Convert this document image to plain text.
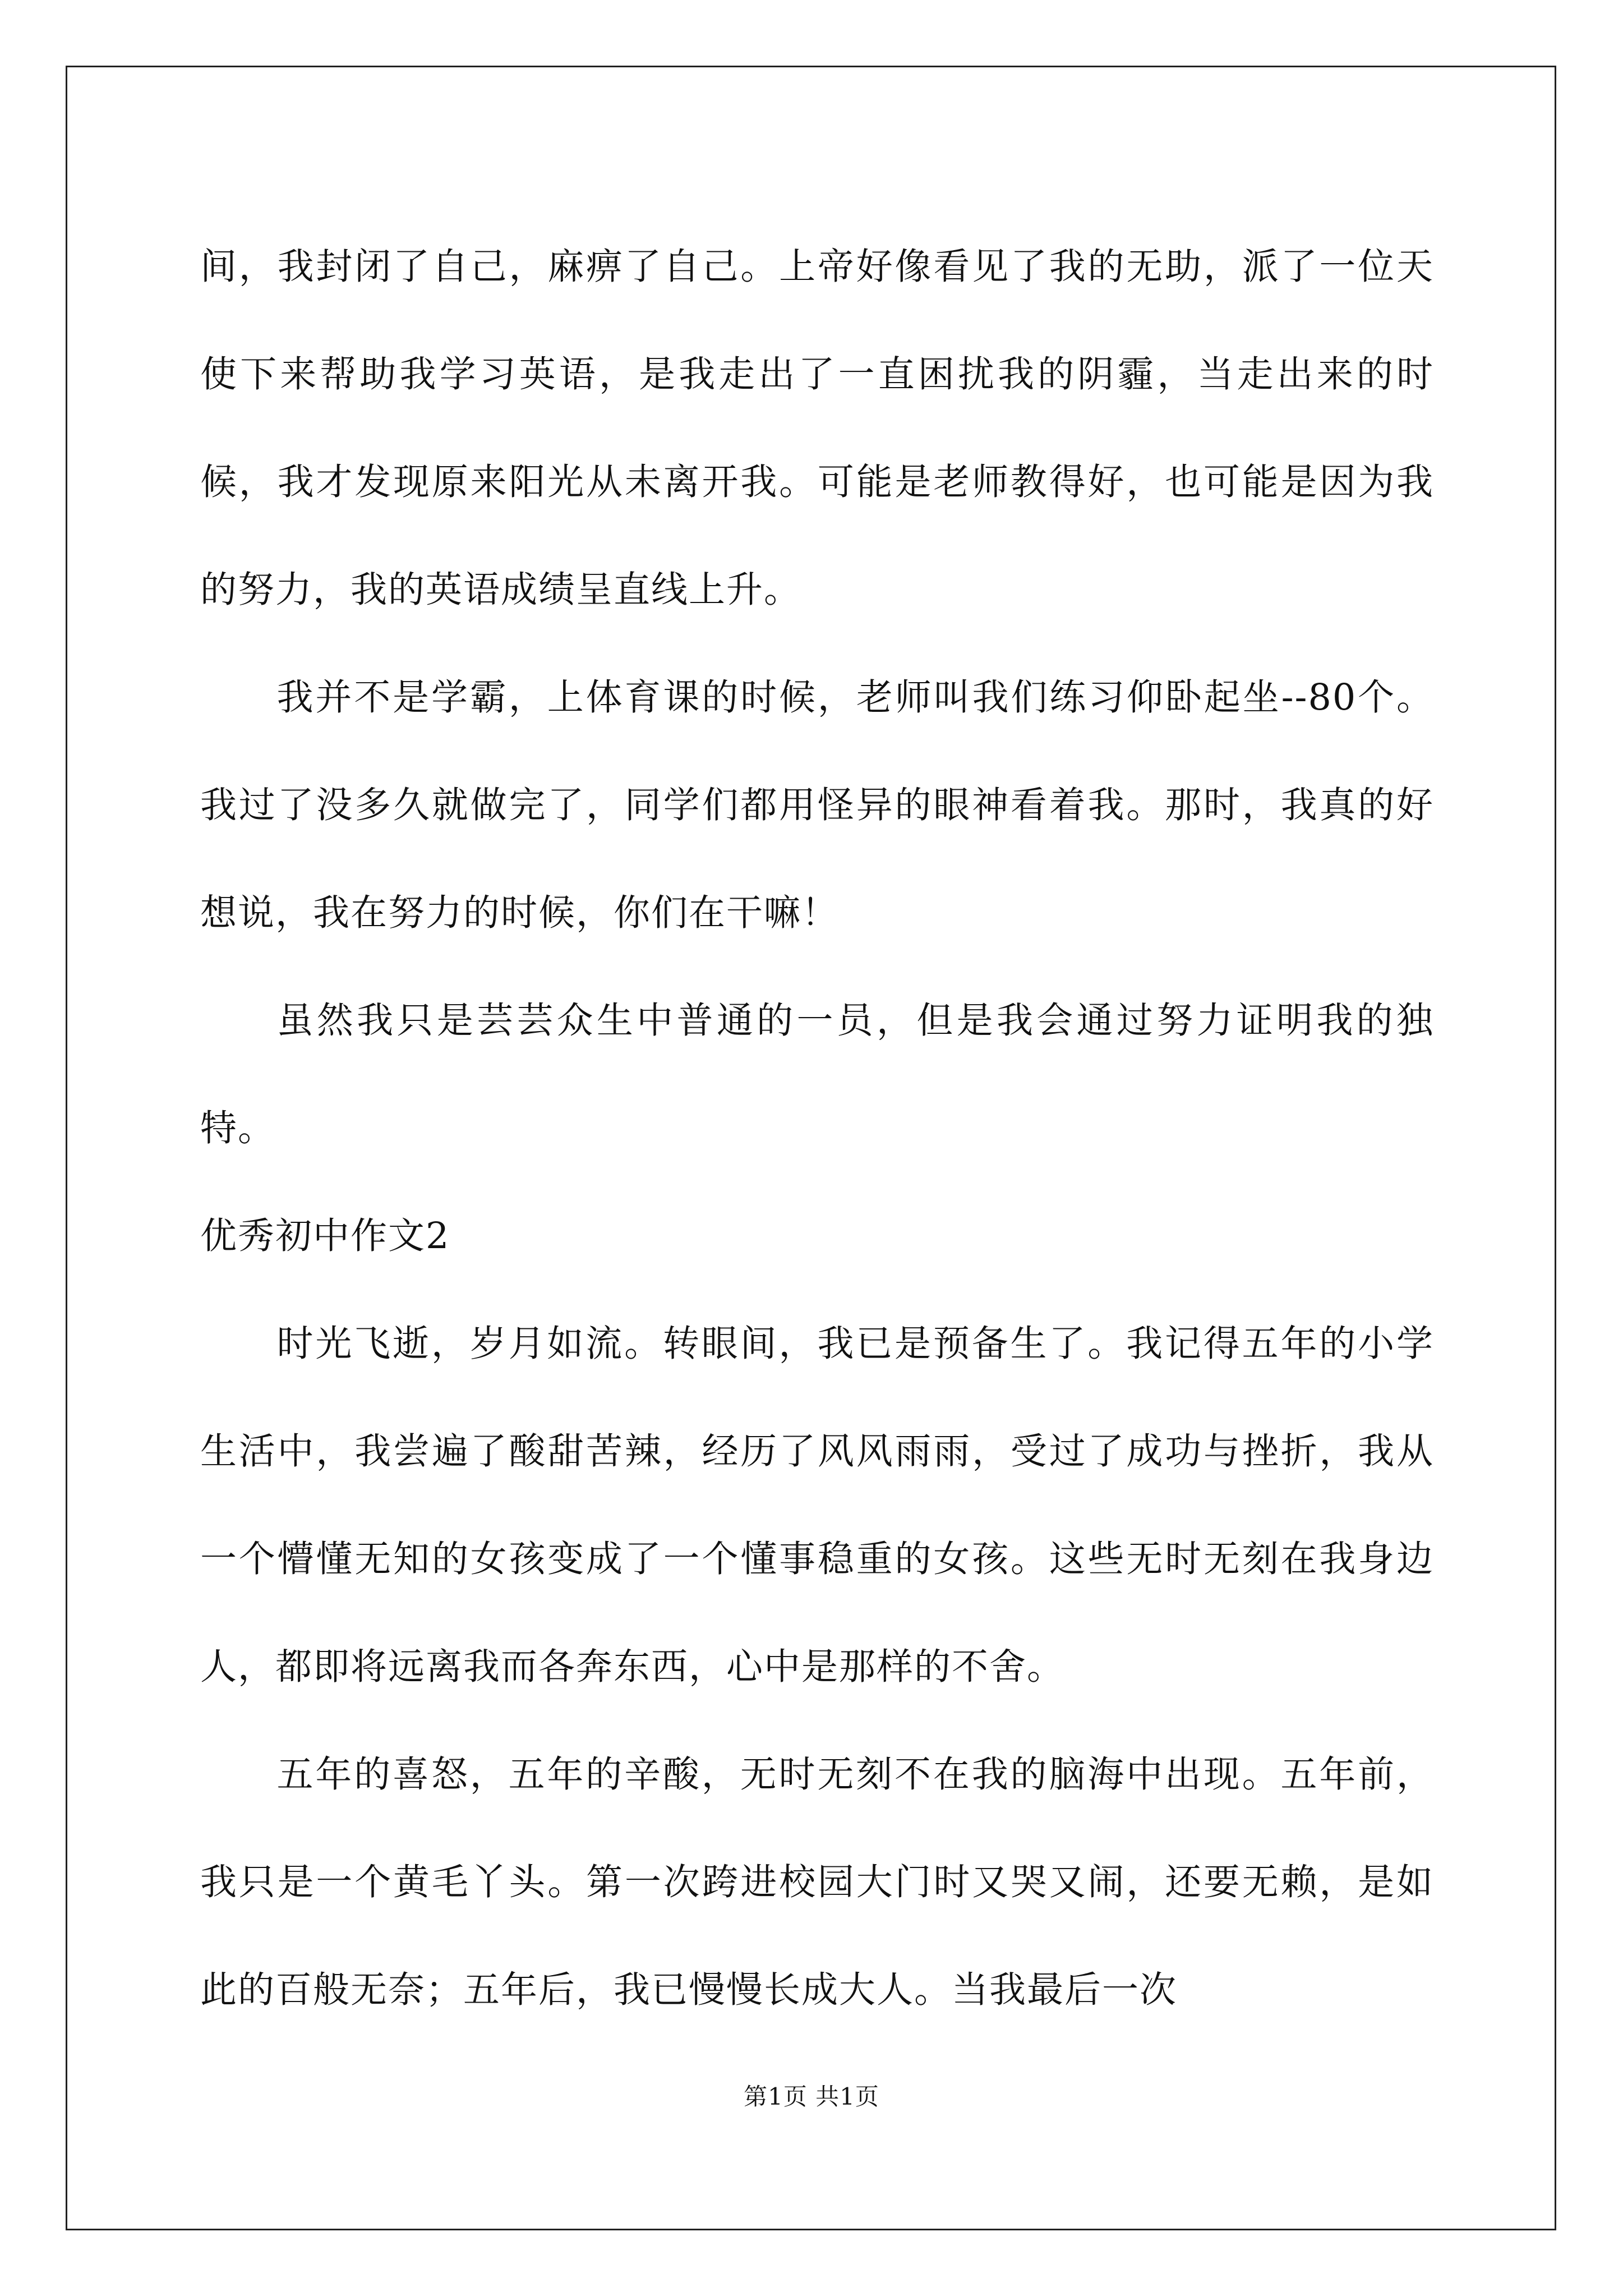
间，我封闭了自己，麻痹了自己。上帝好像看见了我的无助，派了一位天使下来帮助我学习英语，是我走出了一直困扰我的阴霾，当走出来的时候，我才发现原来阳光从未离开我。可能是老师教得好，也可能是因为我的努力，我的英语成绩呈直线上升。

我并不是学霸，上体育课的时候，老师叫我们练习仰卧起坐--80个。我过了没多久就做完了，同学们都用怪异的眼神看着我。那时，我真的好想说，我在努力的时候，你们在干嘛！

虽然我只是芸芸众生中普通的一员，但是我会通过努力证明我的独特。

优秀初中作文2

时光飞逝，岁月如流。转眼间，我已是预备生了。我记得五年的小学生活中，我尝遍了酸甜苦辣，经历了风风雨雨，受过了成功与挫折，我从一个懵懂无知的女孩变成了一个懂事稳重的女孩。这些无时无刻在我身边人，都即将远离我而各奔东西，心中是那样的不舍。

五年的喜怒，五年的辛酸，无时无刻不在我的脑海中出现。五年前，我只是一个黄毛丫头。第一次跨进校园大门时又哭又闹，还要无赖，是如此的百般无奈；五年后，我已慢慢长成大人。当我最后一次

第1页 共1页
